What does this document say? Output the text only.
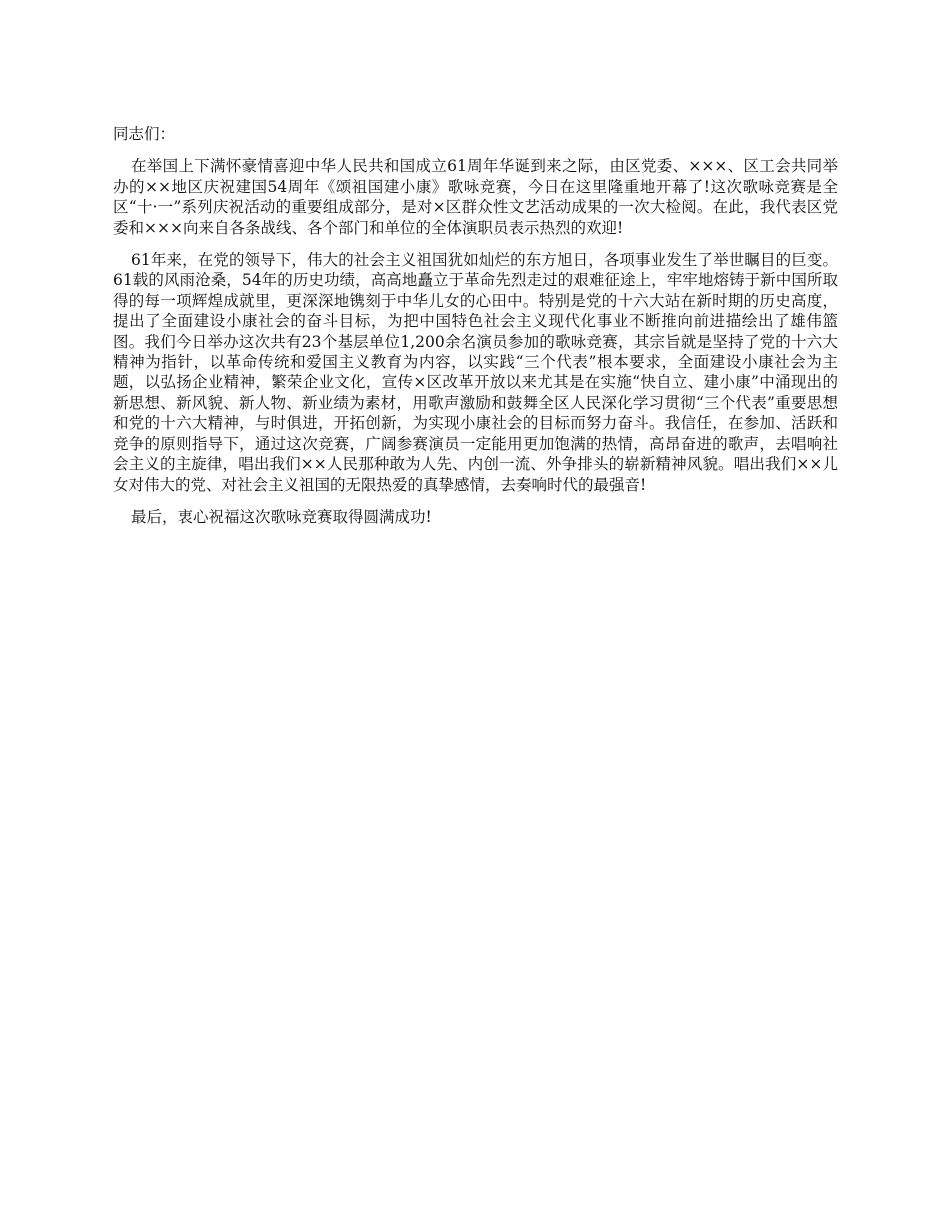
同志们：

在举国上下满怀豪情喜迎中华人民共和国成立61周年华诞到来之际，由区党委、×××、区工会共同举办的××地区庆祝建国54周年《颂祖国建小康》歌咏竞赛，今日在这里隆重地开幕了!这次歌咏竞赛是全区“十·一”系列庆祝活动的重要组成部分，是对×区群众性文艺活动成果的一次大检阅。在此，我代表区党委和×××向来自各条战线、各个部门和单位的全体演职员表示热烈的欢迎!

61年来，在党的领导下，伟大的社会主义祖国犹如灿烂的东方旭日，各项事业发生了举世瞩目的巨变。61载的风雨沧桑，54年的历史功绩，高高地矗立于革命先烈走过的艰难征途上，牢牢地熔铸于新中国所取得的每一项辉煌成就里，更深深地镌刻于中华儿女的心田中。特别是党的十六大站在新时期的历史高度，提出了全面建设小康社会的奋斗目标，为把中国特色社会主义现代化事业不断推向前进描绘出了雄伟篮图。我们今日举办这次共有23个基层单位1,200余名演员参加的歌咏竞赛，其宗旨就是坚持了党的十六大精神为指针，以革命传统和爱国主义教育为内容，以实践“三个代表”根本要求，全面建设小康社会为主题，以弘扬企业精神，繁荣企业文化，宣传×区改革开放以来尤其是在实施“快自立、建小康”中涌现出的新思想、新风貌、新人物、新业绩为素材，用歌声激励和鼓舞全区人民深化学习贯彻“三个代表”重要思想和党的十六大精神，与时俱进，开拓创新，为实现小康社会的目标而努力奋斗。我信任，在参加、活跃和竞争的原则指导下，通过这次竞赛，广阔参赛演员一定能用更加饱满的热情，高昂奋进的歌声，去唱响社会主义的主旋律，唱出我们××人民那种敢为人先、内创一流、外争排头的崭新精神风貌。唱出我们××儿女对伟大的党、对社会主义祖国的无限热爱的真挚感情，去奏响时代的最强音!

最后，衷心祝福这次歌咏竞赛取得圆满成功!
